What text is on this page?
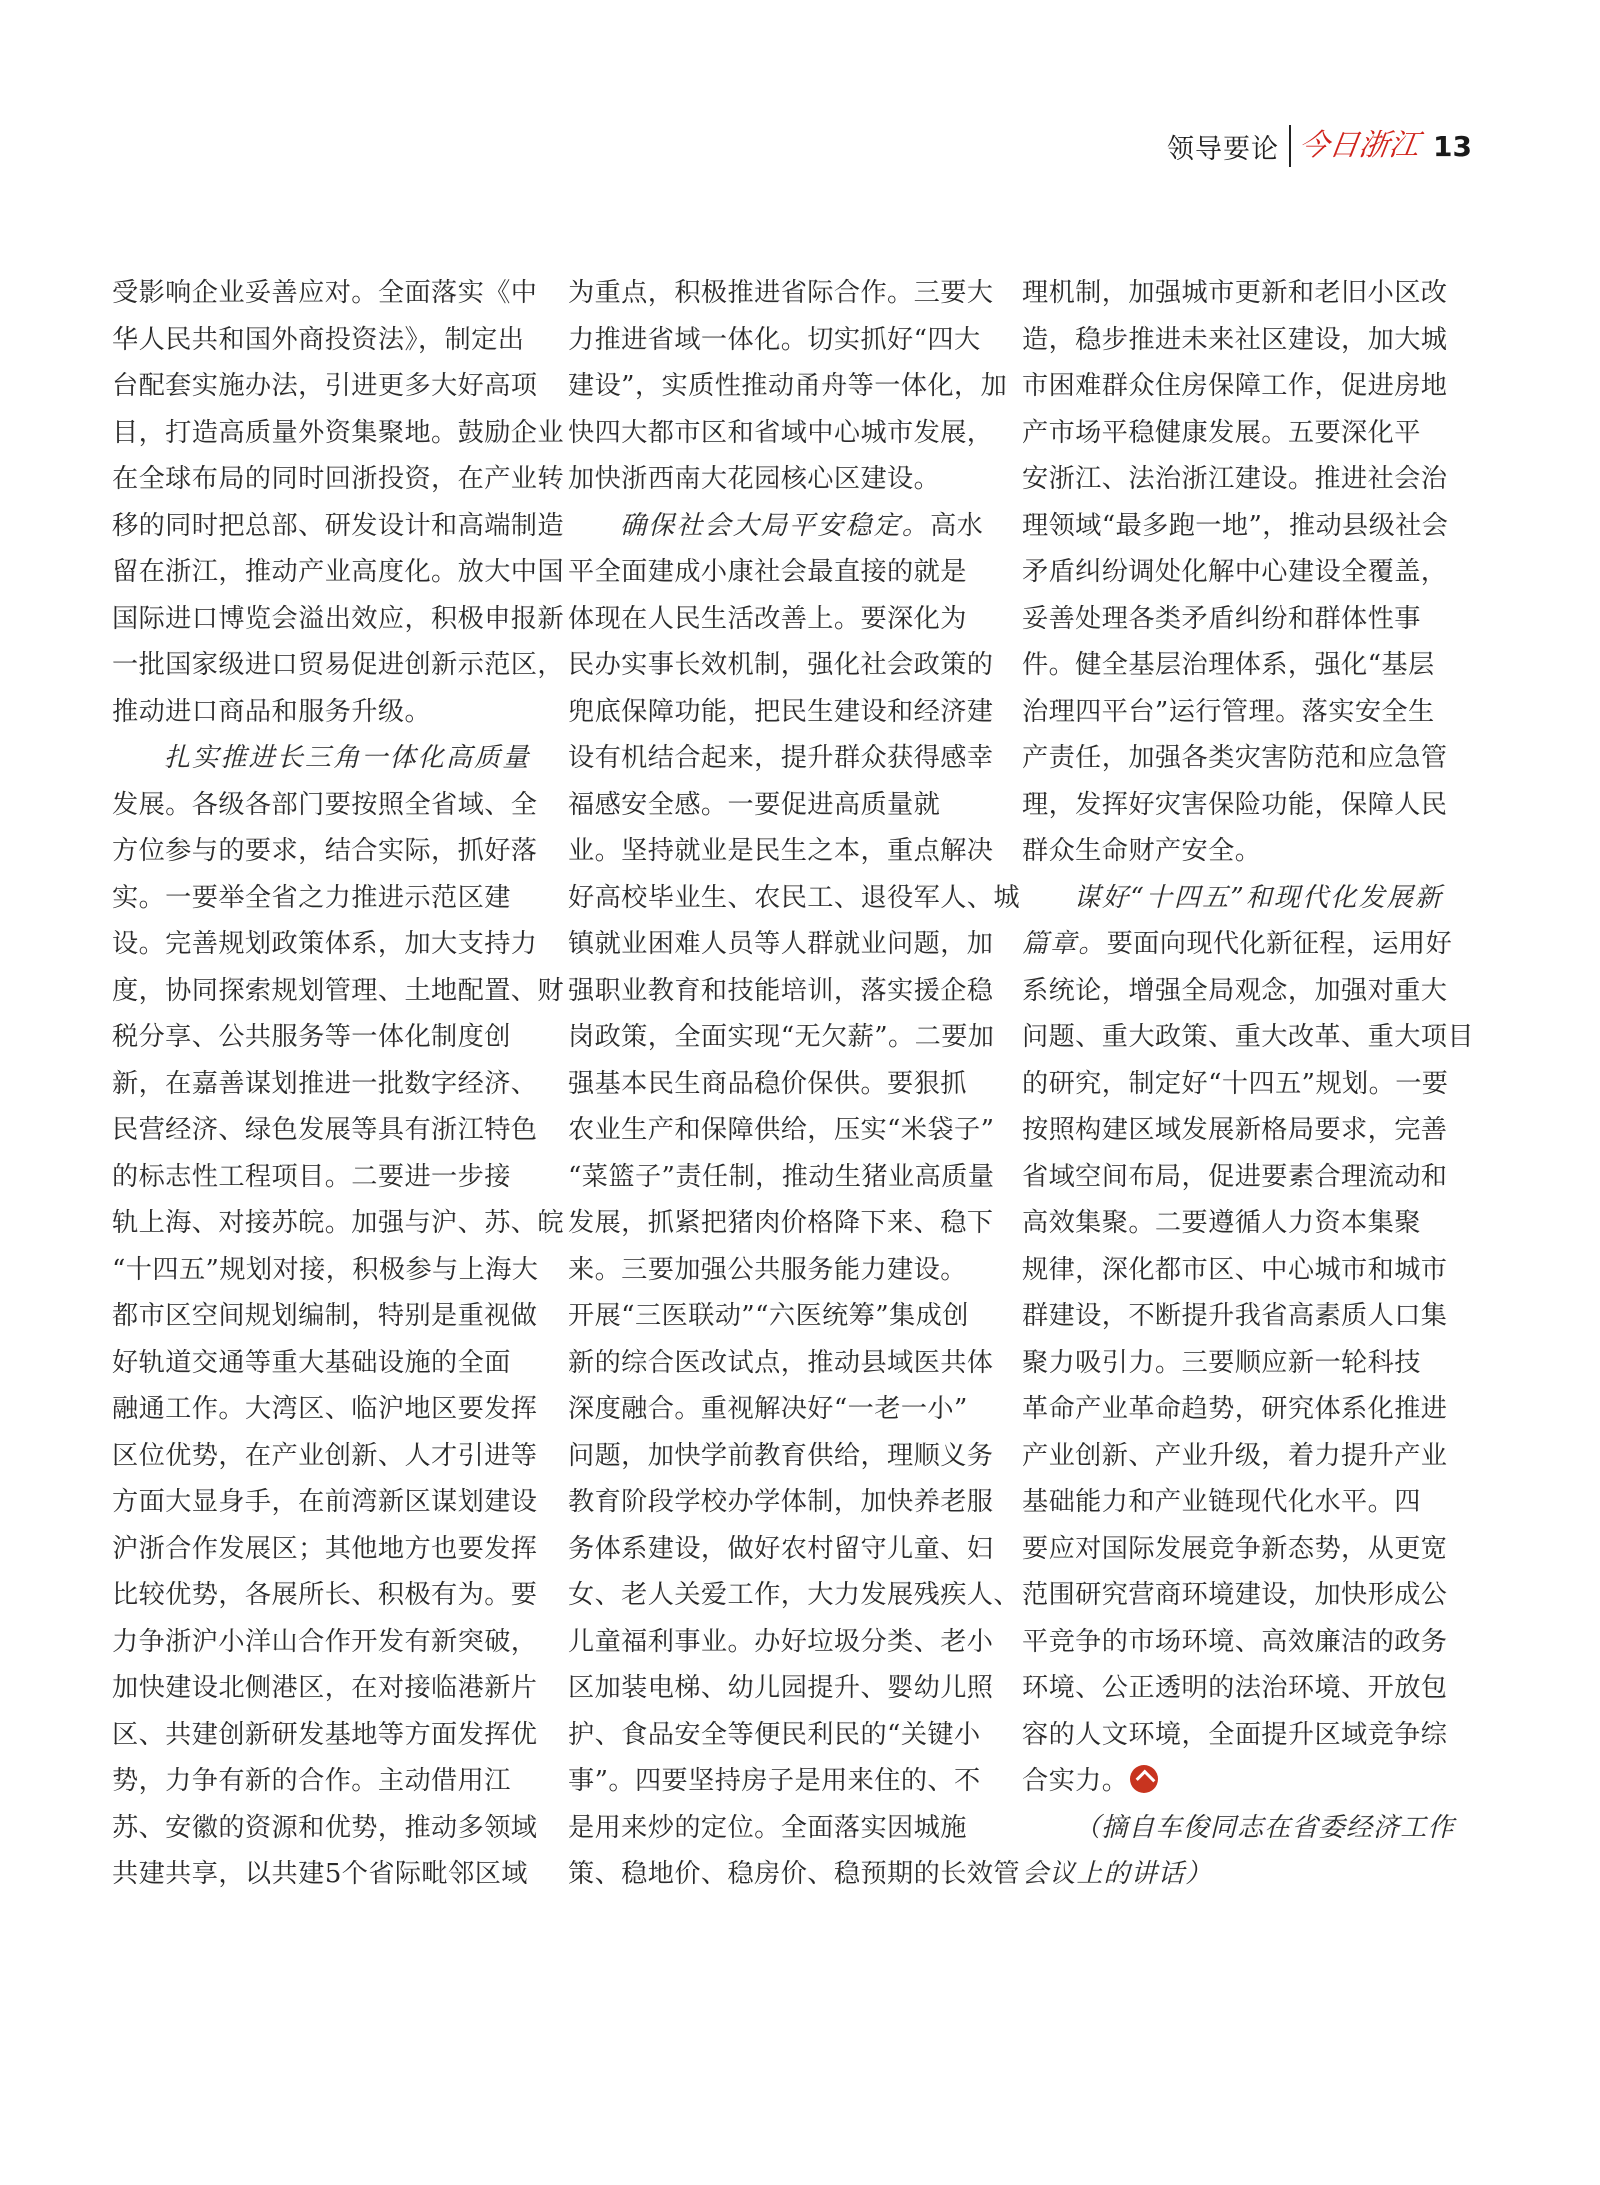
领导要论 今日浙江 13
受影响企业妥善应对。全面落实《中
华人民共和国外商投资法》，制定出
台配套实施办法，引进更多大好高项
目，打造高质量外资集聚地。鼓励企业
在全球布局的同时回浙投资，在产业转
移的同时把总部、研发设计和高端制造
留在浙江，推动产业高度化。放大中国
国际进口博览会溢出效应，积极申报新
一批国家级进口贸易促进创新示范区，
推动进口商品和服务升级。
扎实推进长三角一体化高质量
发展。各级各部门要按照全省域、全
方位参与的要求，结合实际，抓好落
实。一要举全省之力推进示范区建
设。完善规划政策体系，加大支持力
度，协同探索规划管理、土地配置、财
税分享、公共服务等一体化制度创
新，在嘉善谋划推进一批数字经济、
民营经济、绿色发展等具有浙江特色
的标志性工程项目。二要进一步接
轨上海、对接苏皖。加强与沪、苏、皖
“十四五”规划对接，积极参与上海大
都市区空间规划编制，特别是重视做
好轨道交通等重大基础设施的全面
融通工作。大湾区、临沪地区要发挥
区位优势，在产业创新、人才引进等
方面大显身手，在前湾新区谋划建设
沪浙合作发展区；其他地方也要发挥
比较优势，各展所长、积极有为。要
力争浙沪小洋山合作开发有新突破，
加快建设北侧港区，在对接临港新片
区、共建创新研发基地等方面发挥优
势，力争有新的合作。主动借用江
苏、安徽的资源和优势，推动多领域
共建共享，以共建5个省际毗邻区域
为重点，积极推进省际合作。三要大
力推进省域一体化。切实抓好“四大
建设”，实质性推动甬舟等一体化，加
快四大都市区和省域中心城市发展，
加快浙西南大花园核心区建设。
确保社会大局平安稳定。高水
平全面建成小康社会最直接的就是
体现在人民生活改善上。要深化为
民办实事长效机制，强化社会政策的
兜底保障功能，把民生建设和经济建
设有机结合起来，提升群众获得感幸
福感安全感。一要促进高质量就
业。坚持就业是民生之本，重点解决
好高校毕业生、农民工、退役军人、城
镇就业困难人员等人群就业问题，加
强职业教育和技能培训，落实援企稳
岗政策，全面实现“无欠薪”。二要加
强基本民生商品稳价保供。要狠抓
农业生产和保障供给，压实“米袋子”
“菜篮子”责任制，推动生猪业高质量
发展，抓紧把猪肉价格降下来、稳下
来。三要加强公共服务能力建设。
开展“三医联动”“六医统筹”集成创
新的综合医改试点，推动县域医共体
深度融合。重视解决好“一老一小”
问题，加快学前教育供给，理顺义务
教育阶段学校办学体制，加快养老服
务体系建设，做好农村留守儿童、妇
女、老人关爱工作，大力发展残疾人、
儿童福利事业。办好垃圾分类、老小
区加装电梯、幼儿园提升、婴幼儿照
护、食品安全等便民利民的“关键小
事”。四要坚持房子是用来住的、不
是用来炒的定位。全面落实因城施
策、稳地价、稳房价、稳预期的长效管
理机制，加强城市更新和老旧小区改
造，稳步推进未来社区建设，加大城
市困难群众住房保障工作，促进房地
产市场平稳健康发展。五要深化平
安浙江、法治浙江建设。推进社会治
理领域“最多跑一地”，推动县级社会
矛盾纠纷调处化解中心建设全覆盖，
妥善处理各类矛盾纠纷和群体性事
件。健全基层治理体系，强化“基层
治理四平台”运行管理。落实安全生
产责任，加强各类灾害防范和应急管
理，发挥好灾害保险功能，保障人民
群众生命财产安全。
谋好“十四五”和现代化发展新
篇章。要面向现代化新征程，运用好
系统论，增强全局观念，加强对重大
问题、重大政策、重大改革、重大项目
的研究，制定好“十四五”规划。一要
按照构建区域发展新格局要求，完善
省域空间布局，促进要素合理流动和
高效集聚。二要遵循人力资本集聚
规律，深化都市区、中心城市和城市
群建设，不断提升我省高素质人口集
聚力吸引力。三要顺应新一轮科技
革命产业革命趋势，研究体系化推进
产业创新、产业升级，着力提升产业
基础能力和产业链现代化水平。四
要应对国际发展竞争新态势，从更宽
范围研究营商环境建设，加快形成公
平竞争的市场环境、高效廉洁的政务
环境、公正透明的法治环境、开放包
容的人文环境，全面提升区域竞争综
合实力。
（摘自车俊同志在省委经济工作
会议上的讲话）
